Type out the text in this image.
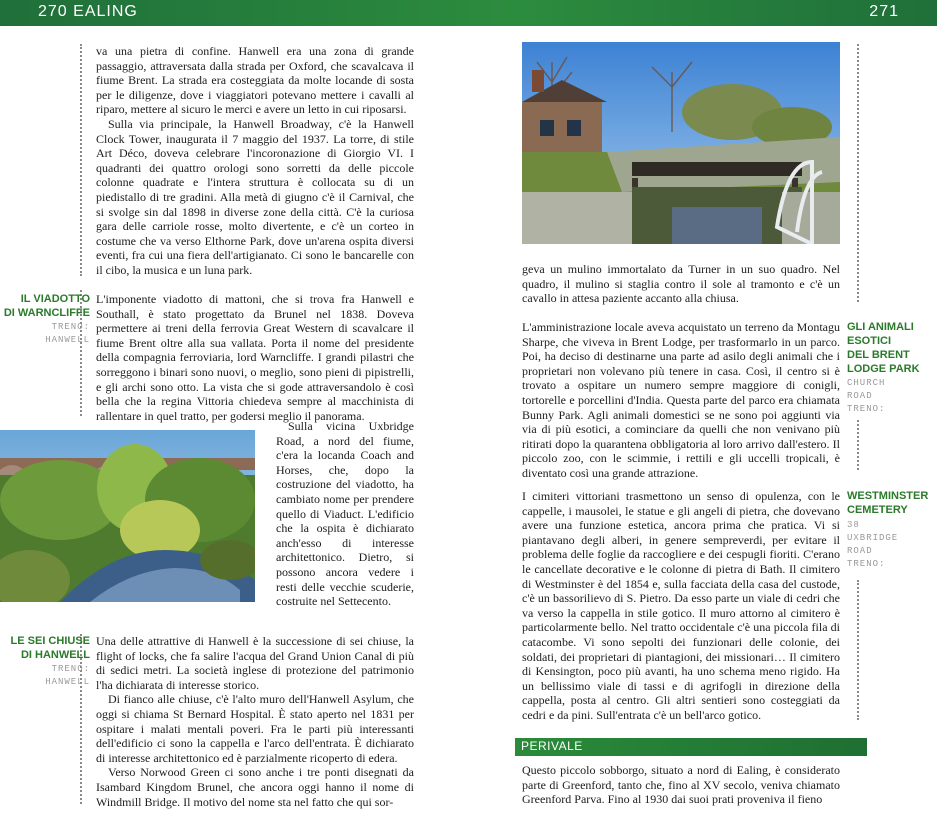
270 EALING	271

va una pietra di confine. Hanwell era una zona di grande passaggio, attraversata dalla strada per Oxford, che scavalcava il fiume Brent. La strada era costeggiata da molte locande di sosta per le diligenze, dove i viaggiatori potevano mettere i cavalli al riparo, mettere al sicuro le merci e avere un letto in cui riposarsi.

Sulla via principale, la Hanwell Broadway, c'è la Hanwell Clock Tower, inaugurata il 7 maggio del 1937. La torre, di stile Art Déco, doveva celebrare l'incoronazione di Giorgio VI. I quadranti dei quattro orologi sono sorretti da delle piccole colonne quadrate e l'intera struttura è collocata su di un piedistallo di tre gradini. Alla metà di giugno c'è il Carnival, che si svolge sin dal 1898 in diverse zone della città. C'è la curiosa gara delle carriole rosse, molto divertente, e c'è un corteo in costume che va verso Elthorne Park, dove un'arena ospita diversi eventi, fra cui una fiera dell'artigianato. Ci sono le bancarelle con il cibo, la musica e un luna park.

IL VIADOTTO
DI WARNCLIFFE
TRENO:
HANWELL

L'imponente viadotto di mattoni, che si trova fra Hanwell e Southall, è stato progettato da Brunel nel 1838. Doveva permettere ai treni della ferrovia Great Western di scavalcare il fiume Brent oltre alla sua vallata. Porta il nome del presidente della compagnia ferroviaria, lord Warncliffe. I grandi pilastri che sorreggono i binari sono nuovi, o meglio, sono pieni di pipistrelli, e gli archi sono otto. La vista che si gode attraversandolo è così bella che la regina Vittoria chiedeva sempre al macchinista di rallentare in quel tratto, per godersi meglio il panorama.

Sulla vicina Uxbridge Road, a nord del fiume, c'era la locanda Coach and Horses, che, dopo la costruzione del viadotto, ha cambiato nome per prendere quello di Viaduct. L'edificio che la ospita è dichiarato anch'esso di interesse architettonico. Dietro, si possono ancora vedere i resti delle vecchie scuderie, costruite nel Settecento.

LE SEI CHIUSE
DI HANWELL
TRENO:
HANWELL

Una delle attrattive di Hanwell è la successione di sei chiuse, la flight of locks, che fa salire l'acqua del Grand Union Canal di più di sedici metri. La società inglese di protezione del patrimonio l'ha dichiarata di interesse storico.

Di fianco alle chiuse, c'è l'alto muro dell'Hanwell Asylum, che oggi si chiama St Bernard Hospital. È stato aperto nel 1831 per ospitare i malati mentali poveri. Fra le parti più interessanti dell'edificio ci sono la cappella e l'arco dell'entrata. È dichiarato di interesse architettonico ed è parzialmente ricoperto di edera.

Verso Norwood Green ci sono anche i tre ponti disegnati da Isambard Kingdom Brunel, che ancora oggi hanno il nome di Windmill Bridge. Il motivo del nome sta nel fatto che qui sor-

geva un mulino immortalato da Turner in un suo quadro. Nel quadro, il mulino si staglia contro il sole al tramonto e c'è un cavallo in attesa paziente accanto alla chiusa.

L'amministrazione locale aveva acquistato un terreno da Montagu Sharpe, che viveva in Brent Lodge, per trasformarlo in un parco. Poi, ha deciso di destinarne una parte ad asilo degli animali che i proprietari non volevano più tenere in casa. Così, il centro si è trovato a ospitare un numero sempre maggiore di conigli, tortorelle e porcellini d'India. Questa parte del parco era chiamata Bunny Park. Agli animali domestici se ne sono poi aggiunti via via di più esotici, a cominciare da quelli che non venivano più ritirati dopo la quarantena obbligatoria al loro arrivo dall'estero. Il piccolo zoo, con le scimmie, i rettili e gli uccelli tropicali, è diventato così una grande attrazione.

GLI ANIMALI
ESOTICI
DEL BRENT
LODGE PARK
CHURCH
ROAD
TRENO:

I cimiteri vittoriani trasmettono un senso di opulenza, con le cappelle, i mausolei, le statue e gli angeli di pietra, che dovevano avere una funzione estetica, ancora prima che pratica. Vi si piantavano degli alberi, in genere sempreverdi, per evitare il problema delle foglie da raccogliere e dei cespugli fioriti. C'erano le cancellate decorative e le colonne di pietra di Bath. Il cimitero di Westminster è del 1854 e, sulla facciata della casa del custode, c'è un bassorilievo di S. Pietro. Da esso parte un viale di cedri che va verso la cappella in stile gotico. Il muro attorno al cimitero è particolarmente bello. Nel tratto occidentale c'è una piccola fila di catacombe. Vi sono sepolti dei funzionari delle colonie, dei soldati, dei proprietari di piantagioni, dei missionari… Il cimitero di Kensington, poco più avanti, ha uno schema meno rigido. Ha un bellissimo viale di tassi e di agrifogli in direzione della cappella, posta al centro. Gli altri sentieri sono costeggiati da cedri e da pini. Sull'entrata c'è un bell'arco gotico.

WESTMINSTER
CEMETERY
38
UXBRIDGE
ROAD
TRENO:
PERIVALE

Questo piccolo sobborgo, situato a nord di Ealing, è considerato parte di Greenford, tanto che, fino al XV secolo, veniva chiamato Greenford Parva. Fino al 1930 dai suoi prati proveniva il fieno
